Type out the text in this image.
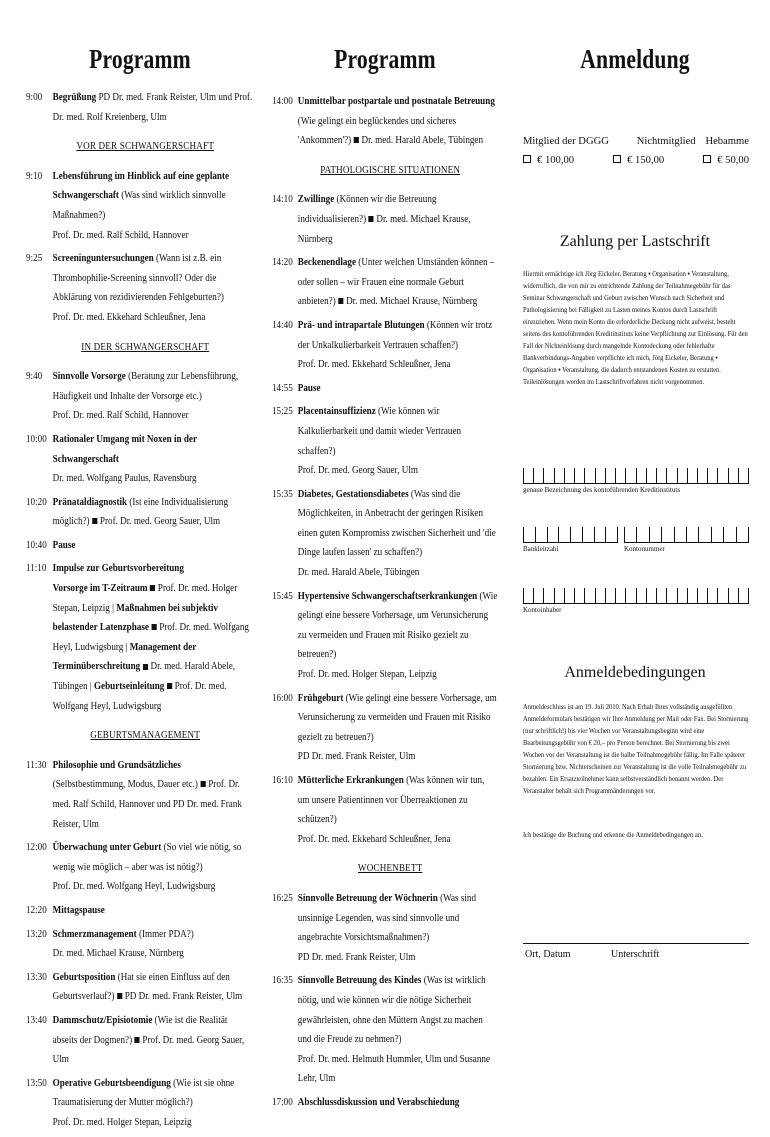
Programm
9:00 Begrüßung PD Dr. med. Frank Reister, Ulm und Prof. Dr. med. Rolf Kreienberg, Ulm
VOR DER SCHWANGERSCHAFT
9:10 Lebensführung im Hinblick auf eine geplante Schwangerschaft (Was sind wirklich sinnvolle Maßnahmen?)
Prof. Dr. med. Ralf Schild, Hannover
9:25 Screeninguntersuchungen (Wann ist z.B. ein Thrombophilie-Screening sinnvoll? Oder die Abklärung von rezidivierenden Fehlgeburten?)
Prof. Dr. med. Ekkehard Schleußner, Jena
IN DER SCHWANGERSCHAFT
9:40 Sinnvolle Vorsorge (Beratung zur Lebensführung, Häufigkeit und Inhalte der Vorsorge etc.)
Prof. Dr. med. Ralf Schild, Hannover
10:00 Rationaler Umgang mit Noxen in der Schwangerschaft
Dr. med. Wolfgang Paulus, Ravensburg
10:20 Pränataldiagnostik (Ist eine Individualisierung möglich?) Prof. Dr. med. Georg Sauer, Ulm
10:40 Pause
11:10 Impulse zur Geburtsvorbereitung
Vorsorge im T-Zeitraum Prof. Dr. med. Holger Stepan, Leipzig | Maßnahmen bei subjektiv belastender Latenzphase Prof. Dr. med. Wolfgang Heyl, Ludwigsburg | Management der Terminüberschreitung Dr. med. Harald Abele, Tübingen | Geburtseinleitung Prof. Dr. med. Wolfgang Heyl, Ludwigsburg
GEBURTSMANAGEMENT
11:30 Philosophie und Grundsätzliches (Selbstbestimmung, Modus, Dauer etc.) Prof. Dr. med. Ralf Schild, Hannover und PD Dr. med. Frank Reister, Ulm
12:00 Überwachung unter Geburt (So viel wie nötig, so wenig wie möglich – aber was ist nötig?)
Prof. Dr. med. Wolfgang Heyl, Ludwigsburg
12:20 Mittagspause
13:20 Schmerzmanagement (Immer PDA?)
Dr. med. Michael Krause, Nürnberg
13:30 Geburtsposition (Hat sie einen Einfluss auf den Geburtsverlauf?) PD Dr. med. Frank Reister, Ulm
13:40 Dammschutz/Episiotomie (Wie ist die Realität abseits der Dogmen?) Prof. Dr. med. Georg Sauer, Ulm
13:50 Operative Geburtsbeendigung (Wie ist sie ohne Traumatisierung der Mutter möglich?)
Prof. Dr. med. Holger Stepan, Leipzig
Programm
14:00 Unmittelbar postpartale und postnatale Betreuung (Wie gelingt ein beglückendes und sicheres 'Ankommen'?) Dr. med. Harald Abele, Tübingen
PATHOLOGISCHE SITUATIONEN
14:10 Zwillinge (Können wir die Betreuung individualisieren?) Dr. med. Michael Krause, Nürnberg
14:20 Beckenendlage (Unter welchen Umständen können – oder sollen – wir Frauen eine normale Geburt anbieten?) Dr. med. Michael Krause, Nürnberg
14:40 Prä- und intrapartale Blutungen (Können wir trotz der Unkalkulierbarkeit Vertrauen schaffen?)
Prof. Dr. med. Ekkehard Schleußner, Jena
14:55 Pause
15:25 Placentainsuffizienz (Wie können wir Kalkulierbarkeit und damit wieder Vertrauen schaffen?)
Prof. Dr. med. Georg Sauer, Ulm
15:35 Diabetes, Gestationsdiabetes (Was sind die Möglichkeiten, in Anbetracht der geringen Risiken einen guten Kompromiss zwischen Sicherheit und 'die Dinge laufen lassen' zu schaffen?)
Dr. med. Harald Abele, Tübingen
15:45 Hypertensive Schwangerschaftserkrankungen (Wie gelingt eine bessere Vorhersage, um Verunsicherung zu vermeiden und Frauen mit Risiko gezielt zu betreuen?)
Prof. Dr. med. Holger Stepan, Leipzig
16:00 Frühgeburt (Wie gelingt eine bessere Vorhersage, um Verunsicherung zu vermeiden und Frauen mit Risiko gezielt zu betreuen?)
PD Dr. med. Frank Reister, Ulm
16:10 Mütterliche Erkrankungen (Was können wir tun, um unsere Patientinnen vor Überreaktionen zu schützen?)
Prof. Dr. med. Ekkehard Schleußner, Jena
WOCHENBETT
16:25 Sinnvolle Betreuung der Wöchnerin (Was sind unsinnige Legenden, was sind sinnvolle und angebrachte Vorsichtsmaßnahmen?)
PD Dr. med. Frank Reister, Ulm
16:35 Sinnvolle Betreuung des Kindes (Was ist wirklich nötig, und wie können wir die nötige Sicherheit gewährleisten, ohne den Müttern Angst zu machen und die Freude zu nehmen?)
Prof. Dr. med. Helmuth Hummler, Ulm und Susanne Lehr, Ulm
17:00 Abschlussdiskussion und Verabschiedung
Anmeldung
Mitglied der DGGG	Nichtmitglied Hebamme
€ 100,00	€ 150,00	€ 50,00
Zahlung per Lastschrift
Hiermit ermächtige ich Jörg Eickeler, Beratung ▪ Organisation ▪ Veranstaltung, widerruflich, die von mir zu entrichtende Zahlung der Teilnahmegebühr für das Seminar Schwangerschaft und Geburt zwischen Wunsch nach Sicherheit und Pathologisierung bei Fälligkeit zu Lasten meines Kontos durch Lastschrift einzuziehen. Wenn mein Konto die erforderliche Deckung nicht aufweist, besteht seitens des kontoführenden Kreditinstituts keine Verpflichtung zur Einlösung. Für den Fall der Nichteinlösung durch mangelnde Kontodeckung oder fehlerhafte Bankverbindungs-Angaben verpflichte ich mich, Jörg Eickeler, Beratung ▪ Organisation ▪ Veranstaltung, die dadurch entstandenen Kosten zu erstatten. Teileinlösungen werden im Lastschriftverfahren nicht vorgenommen.
genaue Bezeichnung des kontoführenden Kreditinstituts
Bankleitzahl	Kontonummer
Kontoinhaber
Anmeldebedingungen
Anmeldeschluss ist am 19. Juli 2010. Nach Erhalt Ihres vollständig ausgefüllten Anmeldeformulars bestätigen wir Ihre Anmeldung per Mail oder Fax. Bei Stornierung (nur schriftlich!) bis vier Wochen vor Veranstaltungsbeginn wird eine Bearbeitungsgebühr von € 20,– pro Person berechnet. Bei Stornierung bis zwei Wochen vor der Veranstaltung ist die halbe Teilnahmegebühr fällig. Im Falle späterer Stornierung bzw. Nichterscheinen zur Veranstaltung ist die volle Teilnahmegebühr zu bezahlen. Ein Ersatzteilnehmer kann selbstverständlich benannt werden. Der Veranstalter behält sich Programmänderungen vor.
Ich bestätige die Buchung und erkenne die Anmeldebedingungen an.
Ort, Datum	Unterschrift
